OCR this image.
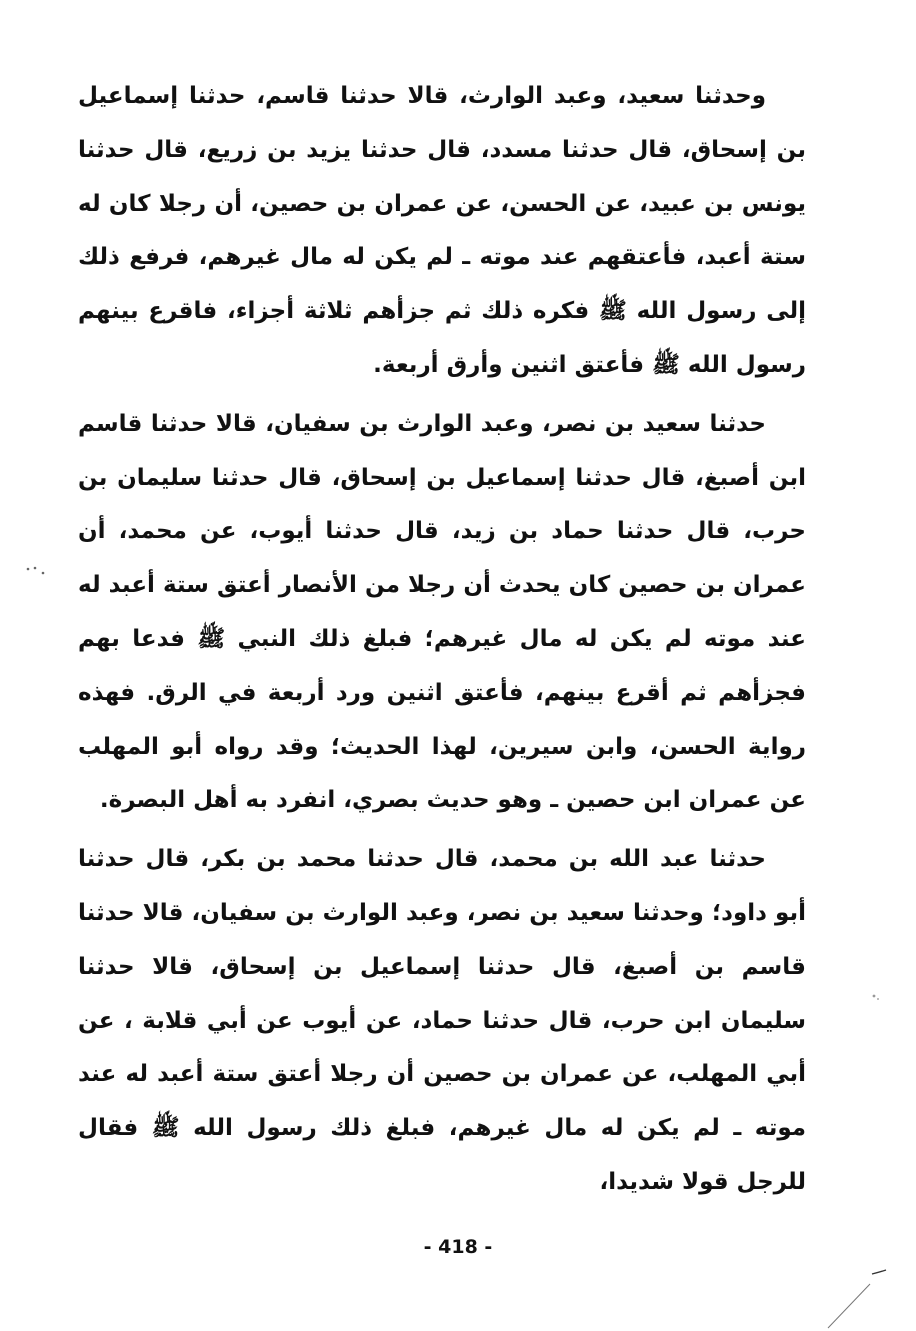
وحدثنا سعيد، وعبد الوارث، قالا حدثنا قاسم، حدثنا إسماعيل بن إسحاق، قال حدثنا مسدد، قال حدثنا يزيد بن زريع، قال حدثنا يونس بن عبيد، عن الحسن، عن عمران بن حصين، أن رجلا كان له ستة أعبد، فأعتقهم عند موته ـ لم يكن له مال غيرهم، فرفع ذلك إلى رسول الله ﷺ فكره ذلك ثم جزأهم ثلاثة أجزاء، فاقرع بينهم رسول الله ﷺ فأعتق اثنين وأرق أربعة.

حدثنا سعيد بن نصر، وعبد الوارث بن سفيان، قالا حدثنا قاسم ابن أصبغ، قال حدثنا إسماعيل بن إسحاق، قال حدثنا سليمان بن حرب، قال حدثنا حماد بن زيد، قال حدثنا أيوب، عن محمد، أن عمران بن حصين كان يحدث أن رجلا من الأنصار أعتق ستة أعبد له عند موته لم يكن له مال غيرهم؛ فبلغ ذلك النبي ﷺ فدعا بهم فجزأهم ثم أقرع بينهم، فأعتق اثنين ورد أربعة في الرق. فهذه رواية الحسن، وابن سيرين، لهذا الحديث؛ وقد رواه أبو المهلب عن عمران ابن حصين ـ وهو حديث بصري، انفرد به أهل البصرة.

حدثنا عبد الله بن محمد، قال حدثنا محمد بن بكر، قال حدثنا أبو داود؛ وحدثنا سعيد بن نصر، وعبد الوارث بن سفيان، قالا حدثنا قاسم بن أصبغ، قال حدثنا إسماعيل بن إسحاق، قالا حدثنا سليمان ابن حرب، قال حدثنا حماد، عن أيوب عن أبي قلابة ، عن أبي المهلب، عن عمران بن حصين أن رجلا أعتق ستة أعبد له عند موته ـ لم يكن له مال غيرهم، فبلغ ذلك رسول الله ﷺ فقال للرجل قولا شديدا،

- 418 -
